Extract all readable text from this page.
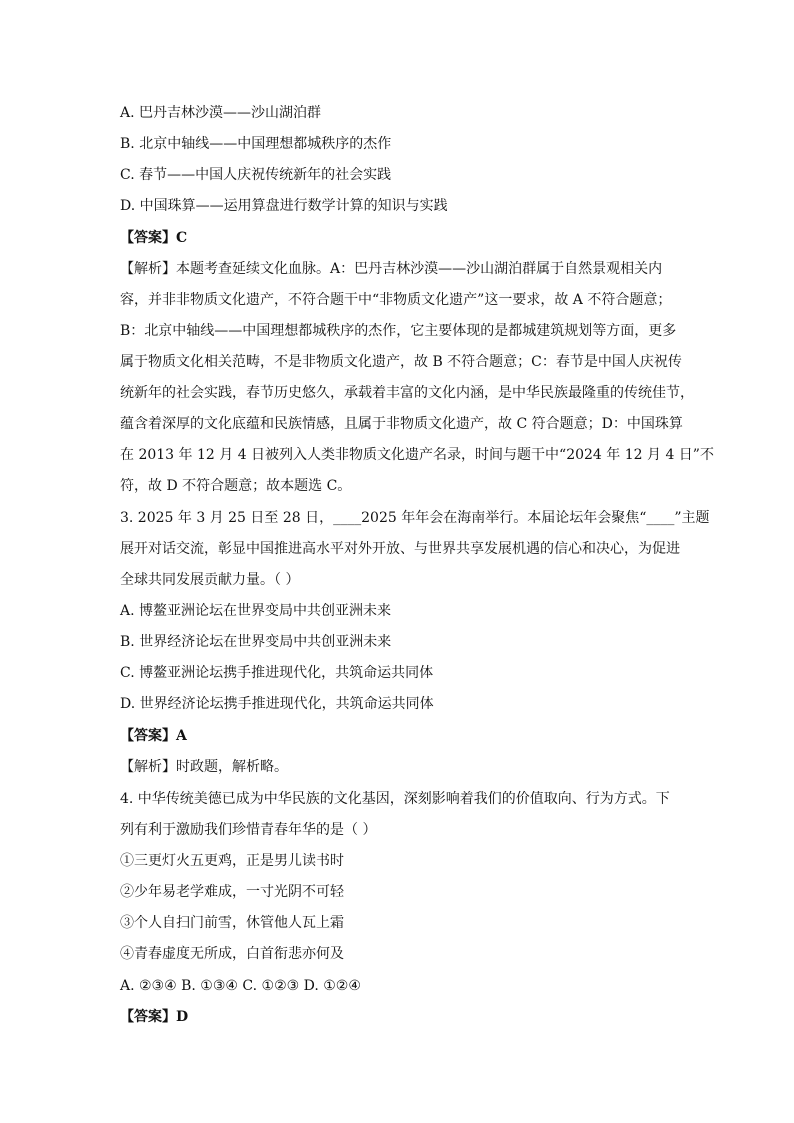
A. 巴丹吉林沙漠——沙山湖泊群
B. 北京中轴线——中国理想都城秩序的杰作
C. 春节——中国人庆祝传统新年的社会实践
D. 中国珠算——运用算盘进行数学计算的知识与实践
【答案】C
【解析】本题考查延续文化血脉。A：巴丹吉林沙漠——沙山湖泊群属于自然景观相关内
容，并非非物质文化遗产，不符合题干中“非物质文化遗产”这一要求，故 A 不符合题意；
B：北京中轴线——中国理想都城秩序的杰作，它主要体现的是都城建筑规划等方面，更多
属于物质文化相关范畴，不是非物质文化遗产，故 B 不符合题意；C：春节是中国人庆祝传
统新年的社会实践，春节历史悠久，承载着丰富的文化内涵，是中华民族最隆重的传统佳节，
蕴含着深厚的文化底蕴和民族情感，且属于非物质文化遗产，故 C 符合题意；D：中国珠算
在 2013 年 12 月 4 日被列入人类非物质文化遗产名录，时间与题干中“2024 年 12 月 4 日”不
符，故 D 不符合题意；故本题选 C。
3. 2025 年 3 月 25 日至 28 日，____2025 年年会在海南举行。本届论坛年会聚焦“____”主题
展开对话交流，彰显中国推进高水平对外开放、与世界共享发展机遇的信心和决心，为促进
全球共同发展贡献力量。（ ）
A. 博鳌亚洲论坛在世界变局中共创亚洲未来
B. 世界经济论坛在世界变局中共创亚洲未来
C. 博鳌亚洲论坛携手推进现代化，共筑命运共同体
D. 世界经济论坛携手推进现代化，共筑命运共同体
【答案】A
【解析】时政题，解析略。
4. 中华传统美德已成为中华民族的文化基因，深刻影响着我们的价值取向、行为方式。下
列有利于激励我们珍惜青春年华的是（ ）
①三更灯火五更鸡，正是男儿读书时
②少年易老学难成，一寸光阴不可轻
③个人自扫门前雪，休管他人瓦上霜
④青春虚度无所成，白首衔悲亦何及
A. ②③④ B. ①③④ C. ①②③ D. ①②④
【答案】D
